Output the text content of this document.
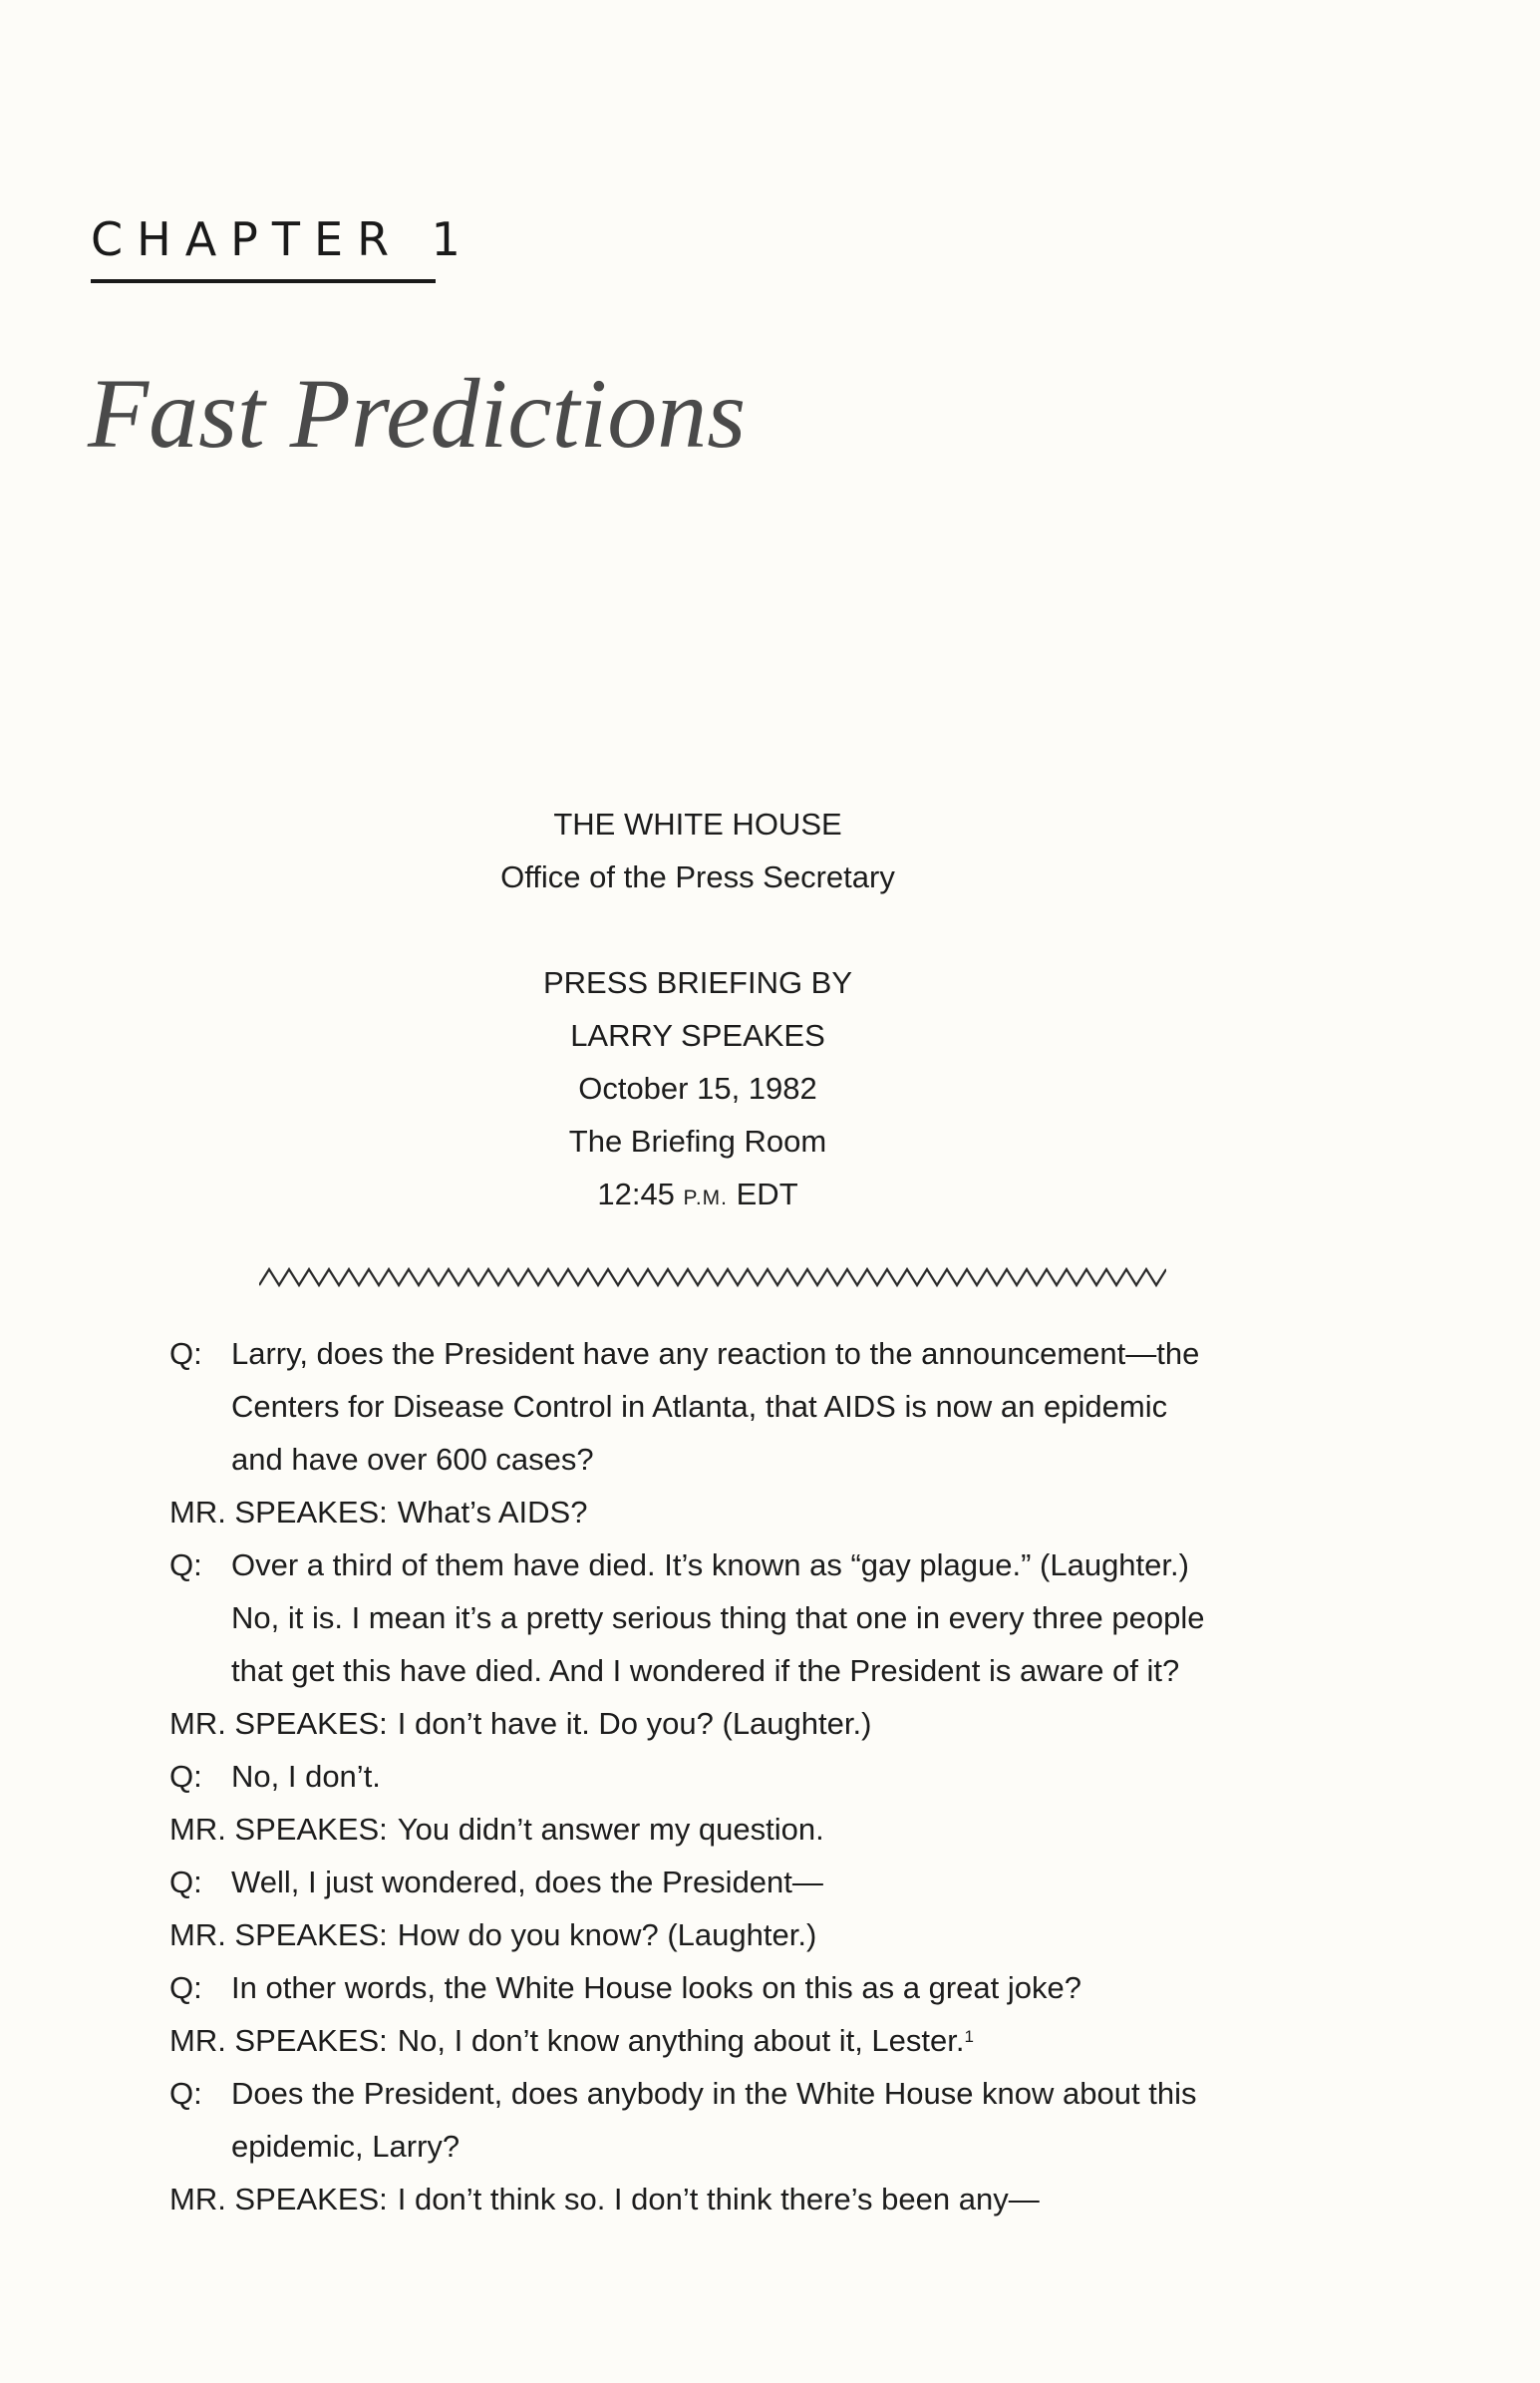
CHAPTER 1
Fast Predictions
THE WHITE HOUSE
Office of the Press Secretary
PRESS BRIEFING BY
LARRY SPEAKES
October 15, 1982
The Briefing Room
12:45 P.M. EDT
Q: Larry, does the President have any reaction to the announcement—the
Centers for Disease Control in Atlanta, that AIDS is now an epidemic
and have over 600 cases?
MR. SPEAKES: What’s AIDS?
Q: Over a third of them have died. It’s known as “gay plague.” (Laughter.)
No, it is. I mean it’s a pretty serious thing that one in every three people
that get this have died. And I wondered if the President is aware of it?
MR. SPEAKES: I don’t have it. Do you? (Laughter.)
Q: No, I don’t.
MR. SPEAKES: You didn’t answer my question.
Q: Well, I just wondered, does the President—
MR. SPEAKES: How do you know? (Laughter.)
Q: In other words, the White House looks on this as a great joke?
MR. SPEAKES: No, I don’t know anything about it, Lester.$^1$
Q: Does the President, does anybody in the White House know about this
epidemic, Larry?
MR. SPEAKES: I don’t think so. I don’t think there’s been any—
